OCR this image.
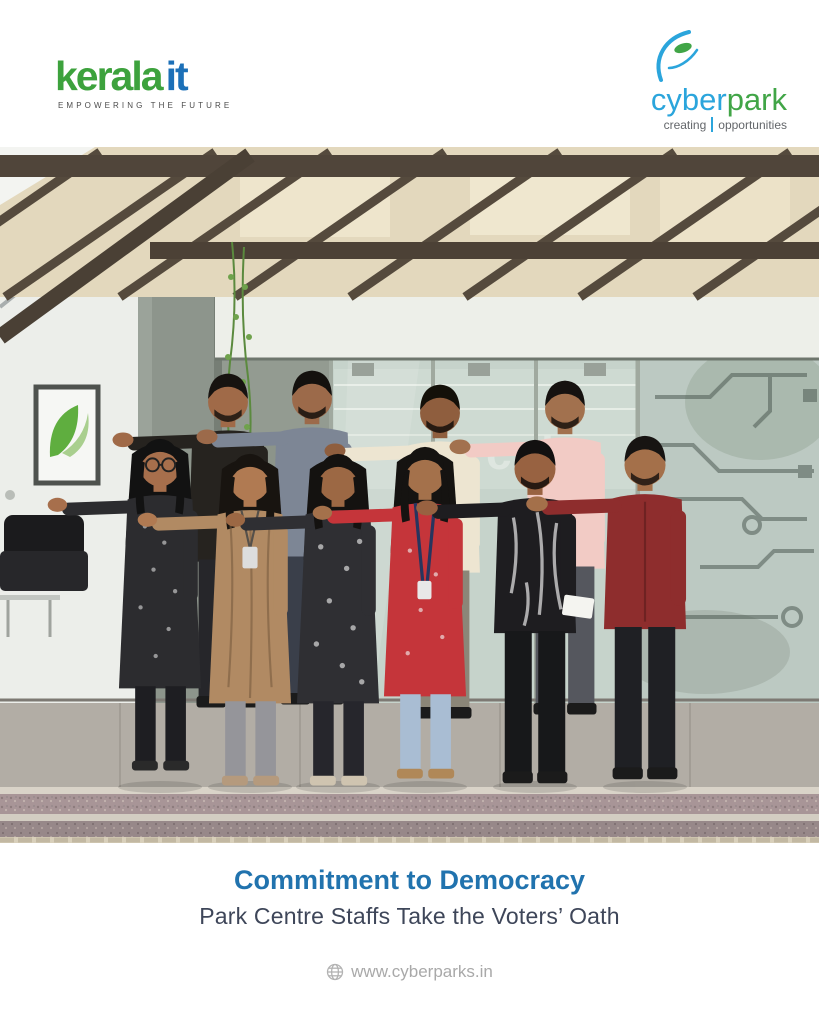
keralait
EMPOWERING THE FUTURE	cyberpark
creating opportunities
Commitment to Democracy
Park Centre Staffs Take the Voters’ Oath
www.cyberparks.in
